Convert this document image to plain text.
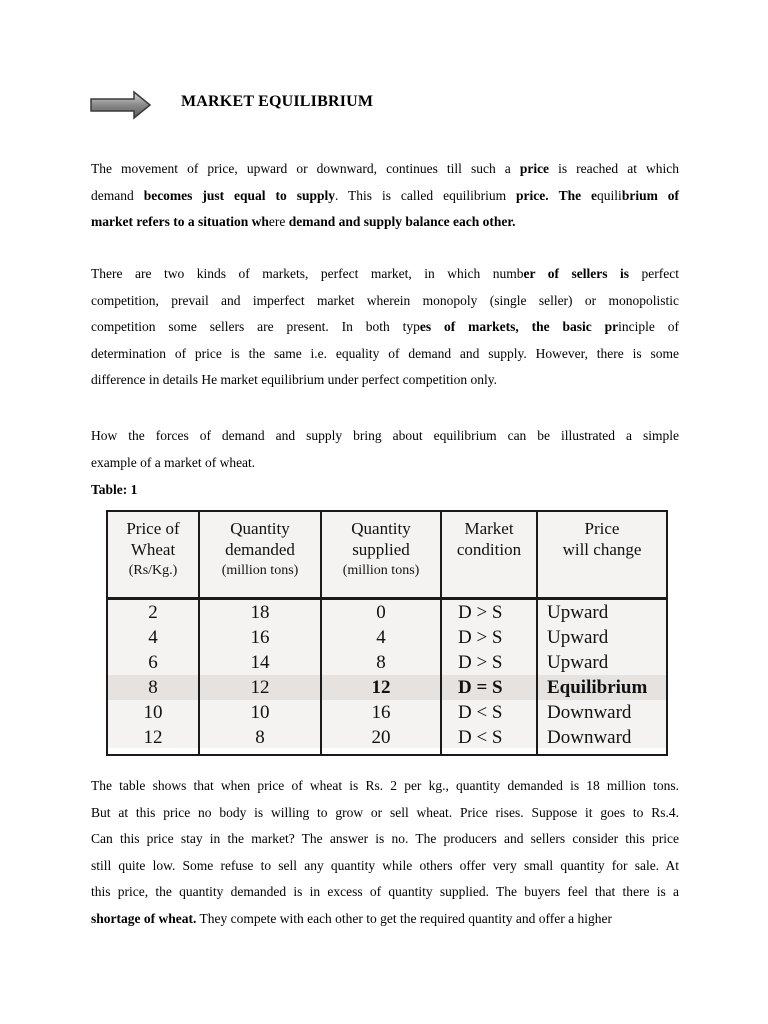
MARKET EQUILIBRIUM
The movement of price, upward or downward, continues till such a price is reached at which
demand becomes just equal to supply. This is called equilibrium price. The equilibrium of
market refers to a situation where demand and supply balance each other.
There are two kinds of markets, perfect market, in which number of sellers is perfect
competition, prevail and imperfect market wherein monopoly (single seller) or monopolistic
competition some sellers are present. In both types of markets, the basic principle of
determination of price is the same i.e. equality of demand and supply. However, there is some
difference in details He market equilibrium under perfect competition only.
How the forces of demand and supply bring about equilibrium can be illustrated a simple
example of a market of wheat.
Table: 1
Price of
Wheat
(Rs/Kg.)	Quantity
demanded
(million tons)	Quantity
supplied
(million tons)	Market
condition	Price
will change

2	18	0	D > S	Upward
4	16	4	D > S	Upward
6	14	8	D > S	Upward
8	12	12	D = S	Equilibrium
10	10	16	D < S	Downward
12	8	20	D < S	Downward
The table shows that when price of wheat is Rs. 2 per kg., quantity demanded is 18 million tons.
But at this price no body is willing to grow or sell wheat. Price rises. Suppose it goes to Rs.4.
Can this price stay in the market? The answer is no. The producers and sellers consider this price
still quite low. Some refuse to sell any quantity while others offer very small quantity for sale. At
this price, the quantity demanded is in excess of quantity supplied. The buyers feel that there is a
shortage of wheat. They compete with each other to get the required quantity and offer a higher
